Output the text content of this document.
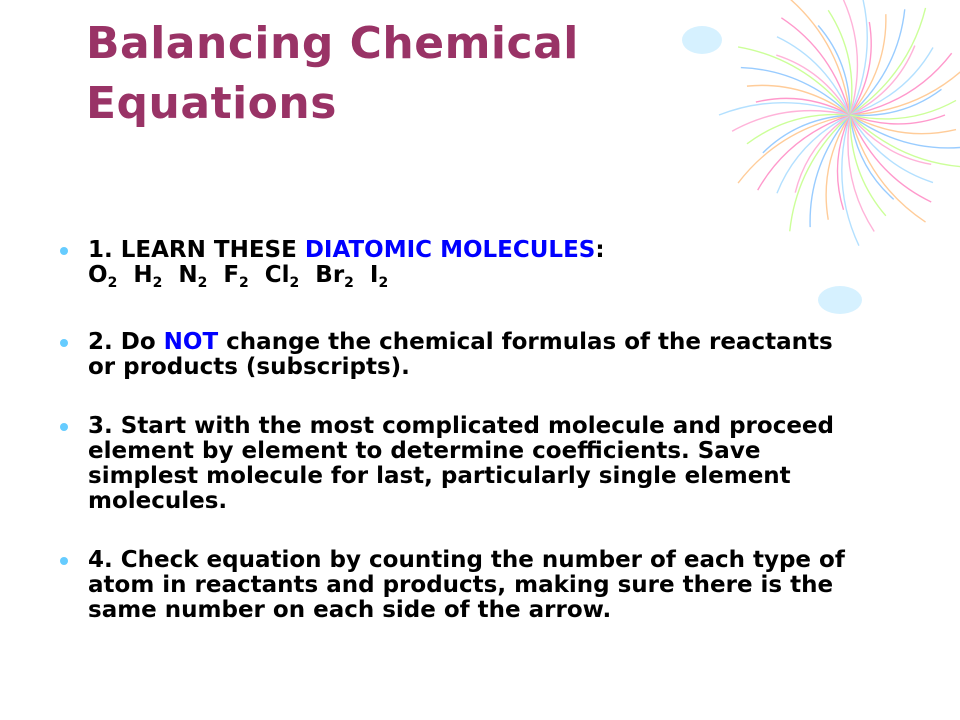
Balancing Chemical
Equations
1. LEARN THESE DIATOMIC MOLECULES:  $O_2$ $H_2$ $N_2$ $F_2$ $Cl_2$ $Br_2$ $I_2$
2. Do NOT change the chemical formulas of the reactants or products (subscripts).
3. Start with the most complicated molecule and proceed element by element to determine coefficients. Save simplest molecule for last, particularly single element molecules.
4. Check equation by counting the number of each type of atom in reactants and products, making sure there is the same number on each side of the arrow.
